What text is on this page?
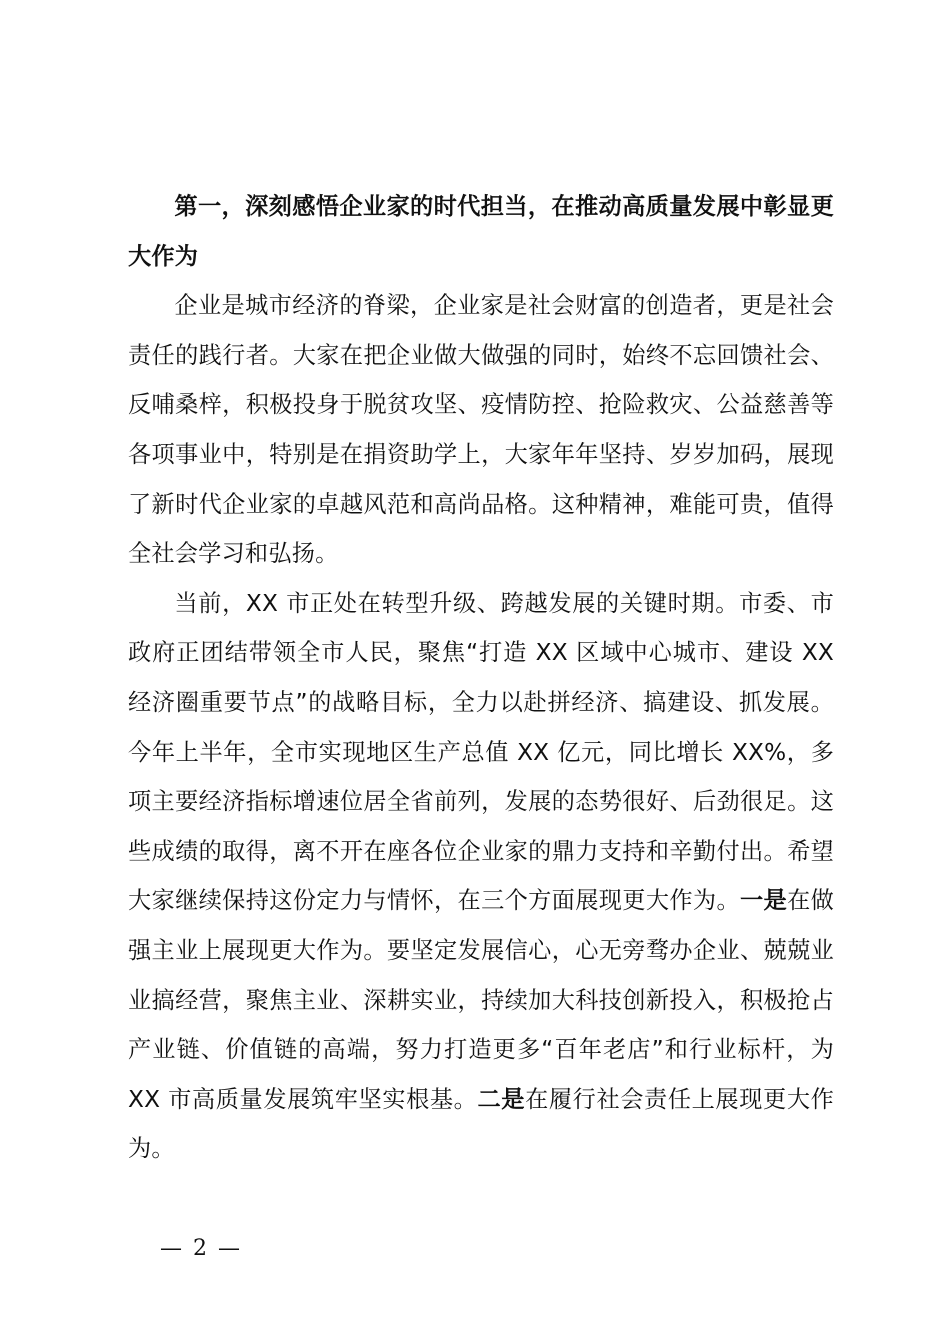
第一，深刻感悟企业家的时代担当，在推动高质量发展中彰显更大作为

企业是城市经济的脊梁，企业家是社会财富的创造者，更是社会责任的践行者。大家在把企业做大做强的同时，始终不忘回馈社会、反哺桑梓，积极投身于脱贫攻坚、疫情防控、抢险救灾、公益慈善等各项事业中，特别是在捐资助学上，大家年年坚持、岁岁加码，展现了新时代企业家的卓越风范和高尚品格。这种精神，难能可贵，值得全社会学习和弘扬。

当前，XX 市正处在转型升级、跨越发展的关键时期。市委、市政府正团结带领全市人民，聚焦“打造 XX 区域中心城市、建设 XX 经济圈重要节点”的战略目标，全力以赴拼经济、搞建设、抓发展。今年上半年，全市实现地区生产总值 XX 亿元，同比增长 XX%，多项主要经济指标增速位居全省前列，发展的态势很好、后劲很足。这些成绩的取得，离不开在座各位企业家的鼎力支持和辛勤付出。希望大家继续保持这份定力与情怀，在三个方面展现更大作为。一是在做强主业上展现更大作为。要坚定发展信心，心无旁骛办企业、兢兢业业搞经营，聚焦主业、深耕实业，持续加大科技创新投入，积极抢占产业链、价值链的高端，努力打造更多“百年老店”和行业标杆，为 XX 市高质量发展筑牢坚实根基。二是在履行社会责任上展现更大作为。

— 2 —
